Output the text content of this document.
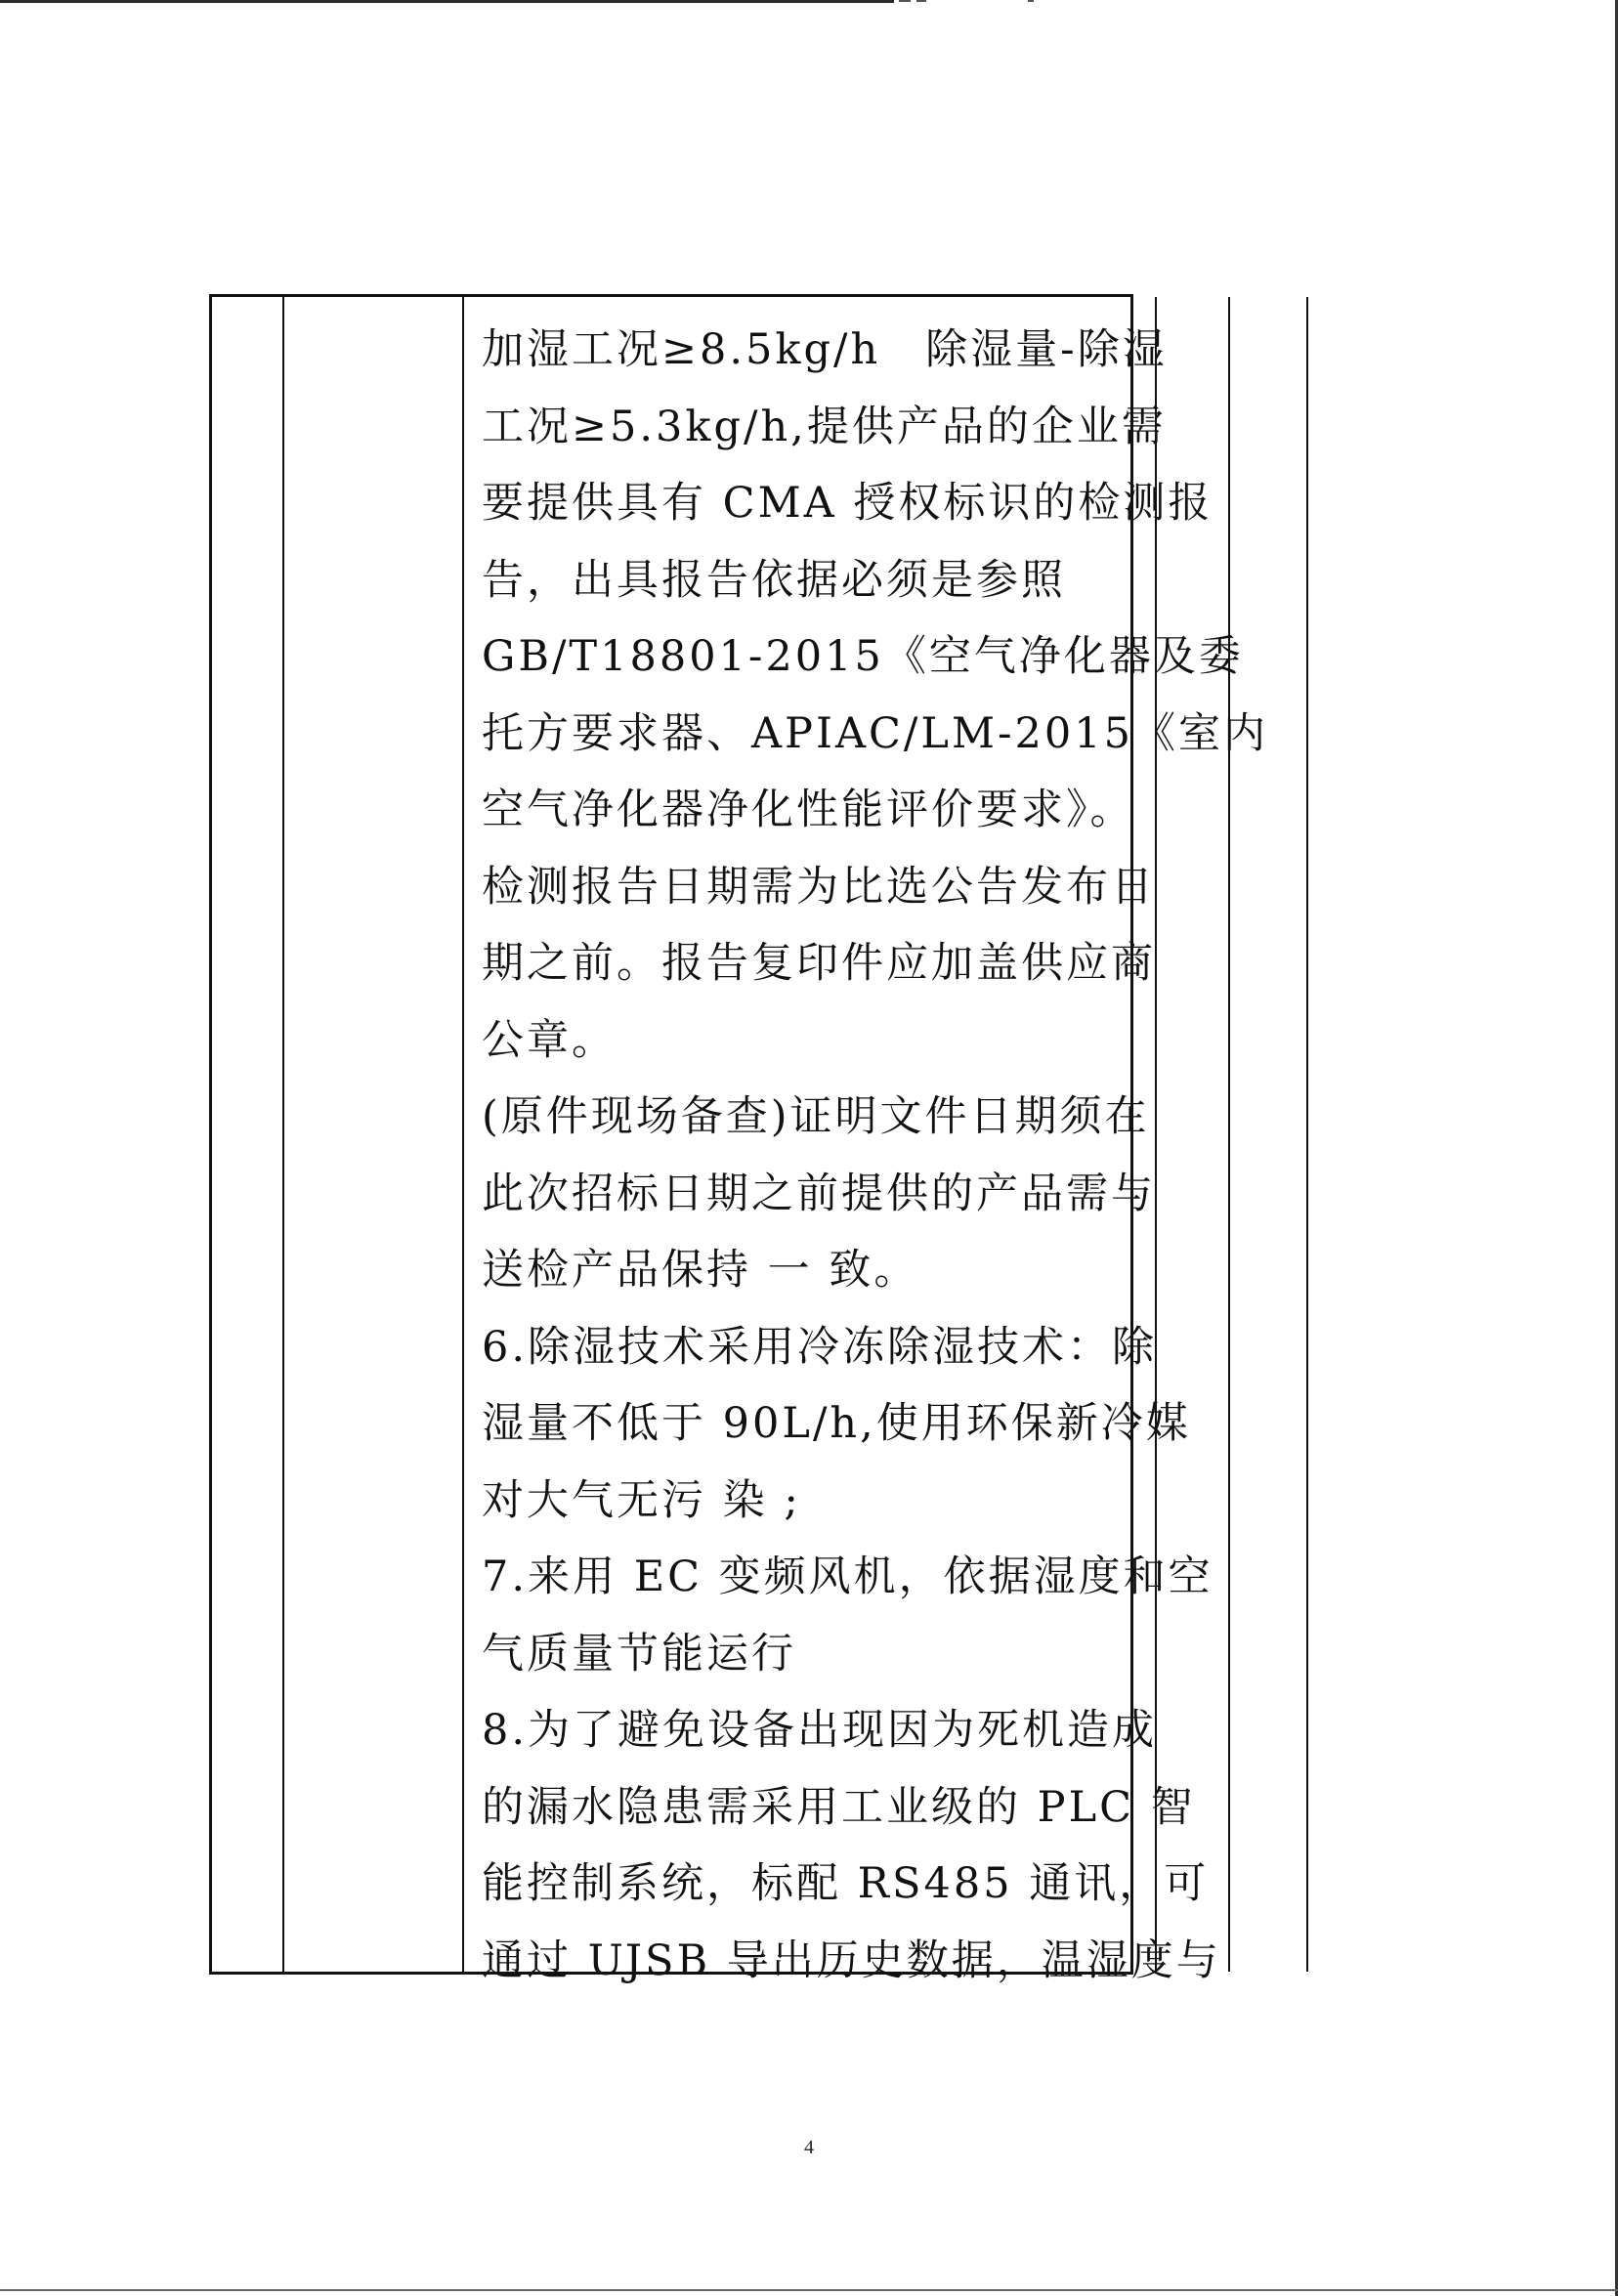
加湿工况≥8.5kg/h　除湿量-除湿
工况≥5.3kg/h,提供产品的企业需
要提供具有 CMA 授权标识的检测报
告，出具报告依据必须是参照
GB/T18801-2015《空气净化器及委
托方要求器、APIAC/LM-2015《室内
空气净化器净化性能评价要求》。
检测报告日期需为比选公告发布日
期之前。报告复印件应加盖供应商
公章。
(原件现场备查)证明文件日期须在
此次招标日期之前提供的产品需与
送检产品保持 一 致。
6.除湿技术采用冷冻除湿技术：除
湿量不低于 90L/h,使用环保新冷媒
对大气无污 染 ;
7.来用 EC 变频风机，依据湿度和空
气质量节能运行
8.为了避免设备出现因为死机造成
的漏水隐患需采用工业级的 PLC 智
能控制系统，标配 RS485 通讯，可
通过 UJSB 导出历史数据，温湿度与
4
